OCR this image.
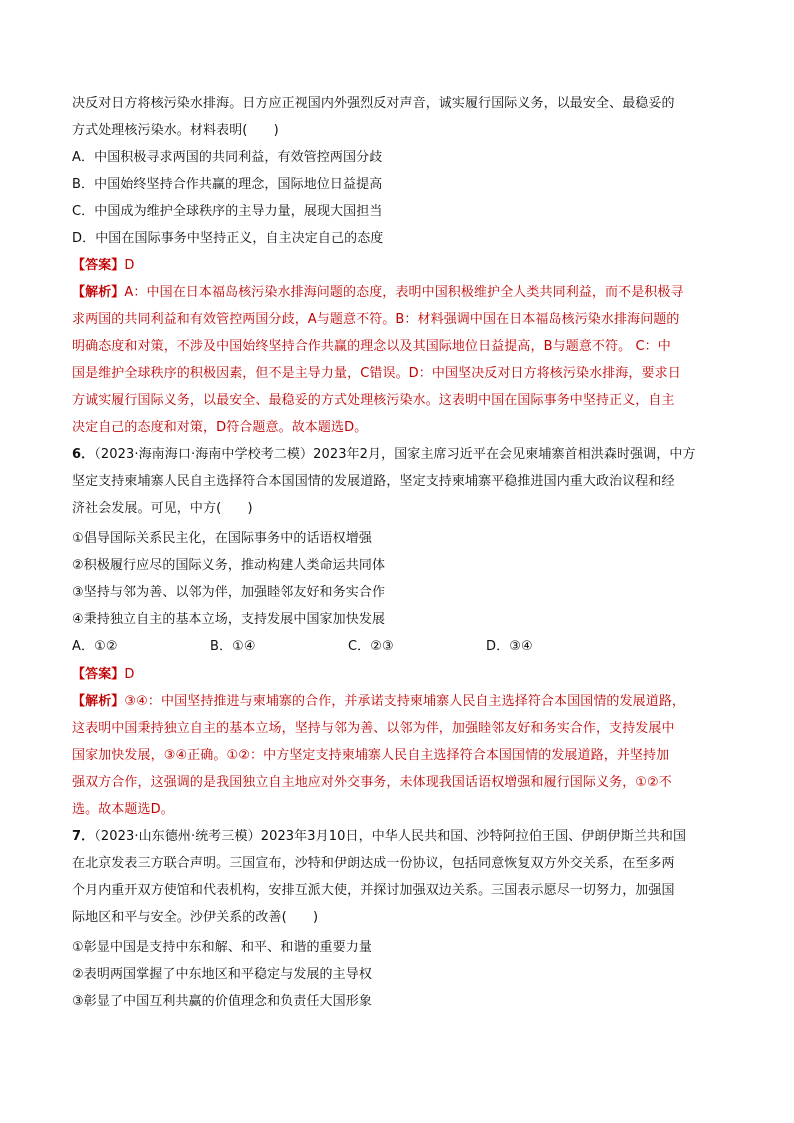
决反对日方将核污染水排海。日方应正视国内外强烈反对声音，诚实履行国际义务，以最安全、最稳妥的
方式处理核污染水。材料表明(　　)
A．中国积极寻求两国的共同利益，有效管控两国分歧
B．中国始终坚持合作共赢的理念，国际地位日益提高
C．中国成为维护全球秩序的主导力量，展现大国担当
D．中国在国际事务中坚持正义，自主决定自己的态度
【答案】D
【解析】A：中国在日本福岛核污染水排海问题的态度，表明中国积极维护全人类共同利益，而不是积极寻
求两国的共同利益和有效管控两国分歧，A与题意不符。B：材料强调中国在日本福岛核污染水排海问题的
明确态度和对策，不涉及中国始终坚持合作共赢的理念以及其国际地位日益提高，B与题意不符。 C：中
国是维护全球秩序的积极因素，但不是主导力量，C错误。D：中国坚决反对日方将核污染水排海，要求日
方诚实履行国际义务，以最安全、最稳妥的方式处理核污染水。这表明中国在国际事务中坚持正义，自主
决定自己的态度和对策，D符合题意。故本题选D。
6．（2023·海南海口·海南中学校考二模）2023年2月，国家主席习近平在会见柬埔寨首相洪森时强调，中方
坚定支持柬埔寨人民自主选择符合本国国情的发展道路，坚定支持柬埔寨平稳推进国内重大政治议程和经
济社会发展。可见，中方(　　)
①倡导国际关系民主化，在国际事务中的话语权增强
②积极履行应尽的国际义务，推动构建人类命运共同体
③坚持与邻为善、以邻为伴，加强睦邻友好和务实合作
④秉持独立自主的基本立场，支持发展中国家加快发展
A．①②	B．①④	C．②③	D．③④
【答案】D
【解析】③④：中国坚持推进与柬埔寨的合作，并承诺支持柬埔寨人民自主选择符合本国国情的发展道路，
这表明中国秉持独立自主的基本立场，坚持与邻为善、以邻为伴，加强睦邻友好和务实合作，支持发展中
国家加快发展，③④正确。①②：中方坚定支持柬埔寨人民自主选择符合本国国情的发展道路，并坚持加
强双方合作，这强调的是我国独立自主地应对外交事务，未体现我国话语权增强和履行国际义务，①②不
选。故本题选D。
7．（2023·山东德州·统考三模）2023年3月10日，中华人民共和国、沙特阿拉伯王国、伊朗伊斯兰共和国
在北京发表三方联合声明。三国宣布，沙特和伊朗达成一份协议，包括同意恢复双方外交关系，在至多两
个月内重开双方使馆和代表机构，安排互派大使，并探讨加强双边关系。三国表示愿尽一切努力，加强国
际地区和平与安全。沙伊关系的改善(　　)
①彰显中国是支持中东和解、和平、和谐的重要力量
②表明两国掌握了中东地区和平稳定与发展的主导权
③彰显了中国互利共赢的价值理念和负责任大国形象
